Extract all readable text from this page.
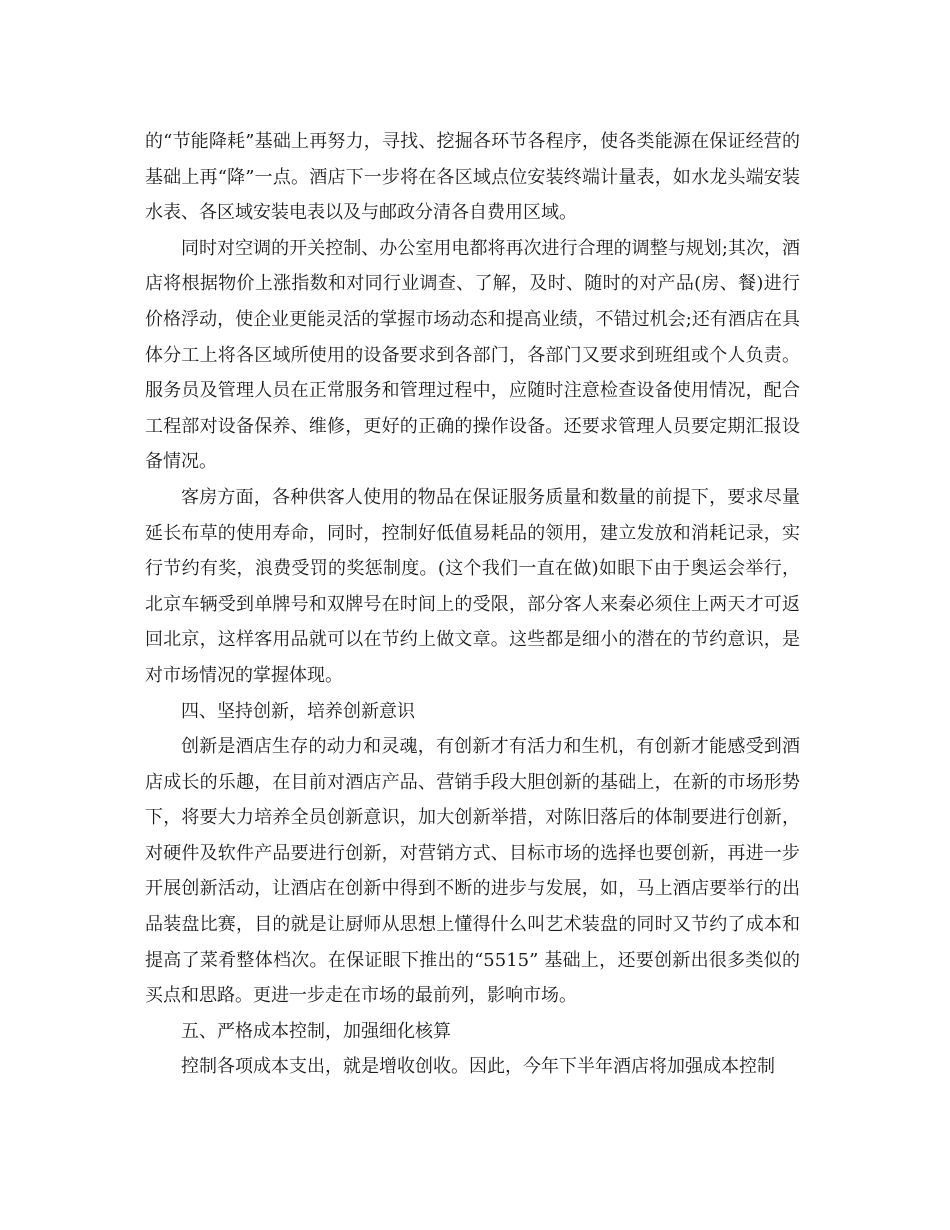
的“节能降耗”基础上再努力，寻找、挖掘各环节各程序，使各类能源在保证经营的基础上再“降”一点。酒店下一步将在各区域点位安装终端计量表，如水龙头端安装水表、各区域安装电表以及与邮政分清各自费用区域。

同时对空调的开关控制、办公室用电都将再次进行合理的调整与规划;其次，酒店将根据物价上涨指数和对同行业调查、了解，及时、随时的对产品(房、餐)进行价格浮动，使企业更能灵活的掌握市场动态和提高业绩，不错过机会;还有酒店在具体分工上将各区域所使用的设备要求到各部门，各部门又要求到班组或个人负责。服务员及管理人员在正常服务和管理过程中，应随时注意检查设备使用情况，配合工程部对设备保养、维修，更好的正确的操作设备。还要求管理人员要定期汇报设备情况。

客房方面，各种供客人使用的物品在保证服务质量和数量的前提下，要求尽量延长布草的使用寿命，同时，控制好低值易耗品的领用，建立发放和消耗记录，实行节约有奖，浪费受罚的奖惩制度。(这个我们一直在做)如眼下由于奥运会举行，北京车辆受到单牌号和双牌号在时间上的受限，部分客人来秦必须住上两天才可返回北京，这样客用品就可以在节约上做文章。这些都是细小的潜在的节约意识，是对市场情况的掌握体现。

四、坚持创新，培养创新意识

创新是酒店生存的动力和灵魂，有创新才有活力和生机，有创新才能感受到酒店成长的乐趣，在目前对酒店产品、营销手段大胆创新的基础上，在新的市场形势下，将要大力培养全员创新意识，加大创新举措，对陈旧落后的体制要进行创新，对硬件及软件产品要进行创新，对营销方式、目标市场的选择也要创新，再进一步开展创新活动，让酒店在创新中得到不断的进步与发展，如，马上酒店要举行的出品装盘比赛，目的就是让厨师从思想上懂得什么叫艺术装盘的同时又节约了成本和提高了菜肴整体档次。在保证眼下推出的“5515” 基础上，还要创新出很多类似的买点和思路。更进一步走在市场的最前列，影响市场。

五、严格成本控制，加强细化核算

控制各项成本支出，就是增收创收。因此，今年下半年酒店将加强成本控制
